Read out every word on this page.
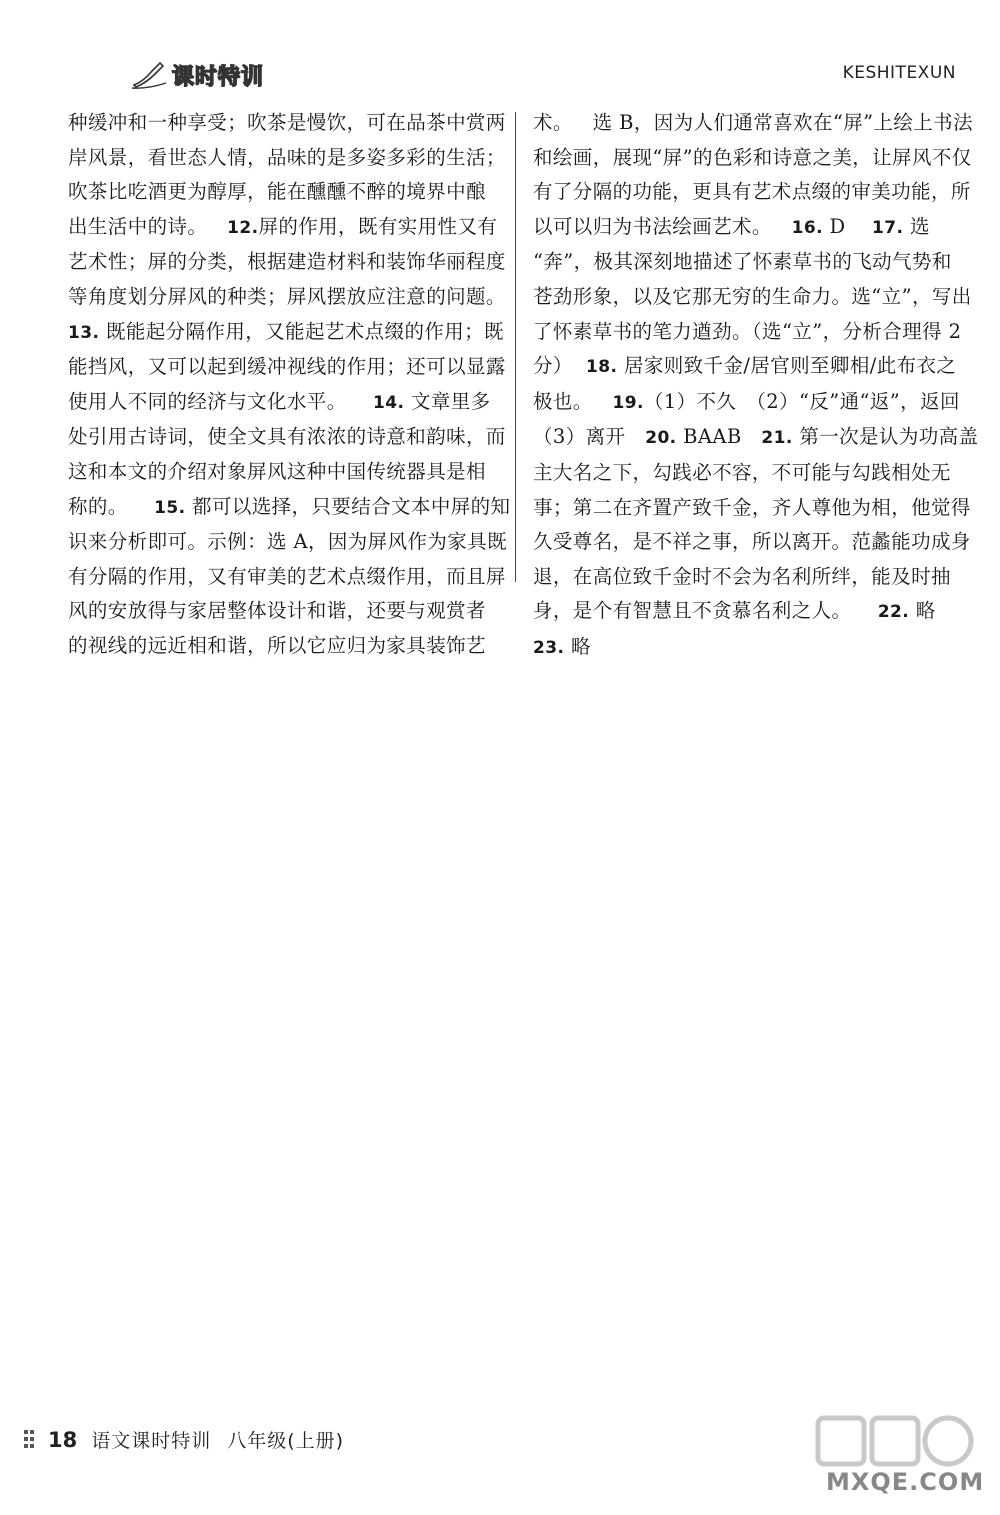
课时特训	KESHITEXUN
种缓冲和一种享受；吹茶是慢饮，可在品茶中赏两
岸风景，看世态人情，品味的是多姿多彩的生活；
吹茶比吃酒更为醇厚，能在醺醺不醉的境界中酿
出生活中的诗。 12.屏的作用，既有实用性又有
艺术性；屏的分类，根据建造材料和装饰华丽程度
等角度划分屏风的种类；屏风摆放应注意的问题。
13. 既能起分隔作用，又能起艺术点缀的作用；既
能挡风，又可以起到缓冲视线的作用；还可以显露
使用人不同的经济与文化水平。 14. 文章里多
处引用古诗词，使全文具有浓浓的诗意和韵味，而
这和本文的介绍对象屏风这种中国传统器具是相
称的。 15. 都可以选择，只要结合文本中屏的知
识来分析即可。示例：选 A，因为屏风作为家具既
有分隔的作用，又有审美的艺术点缀作用，而且屏
风的安放得与家居整体设计和谐，还要与观赏者
的视线的远近相和谐，所以它应归为家具装饰艺
术。 选 B，因为人们通常喜欢在“屏”上绘上书法
和绘画，展现“屏”的色彩和诗意之美，让屏风不仅
有了分隔的功能，更具有艺术点缀的审美功能，所
以可以归为书法绘画艺术。 16. D 17. 选
“奔”，极其深刻地描述了怀素草书的飞动气势和
苍劲形象，以及它那无穷的生命力。选“立”，写出
了怀素草书的笔力遒劲。（选“立”，分析合理得 2
分） 18. 居家则致千金/居官则至卿相/此布衣之
极也。 19.（1）不久　（2）“反”通“返”，返回
（3）离开 20. BAAB 21. 第一次是认为功高盖
主大名之下，勾践必不容，不可能与勾践相处无
事；第二在齐置产致千金，齐人尊他为相，他觉得
久受尊名，是不祥之事，所以离开。范蠡能功成身
退，在高位致千金时不会为名利所绊，能及时抽
身，是个有智慧且不贪慕名利之人。 22. 略
23. 略
18 语文课时特训 八年级(上册)
MXQE.COM
